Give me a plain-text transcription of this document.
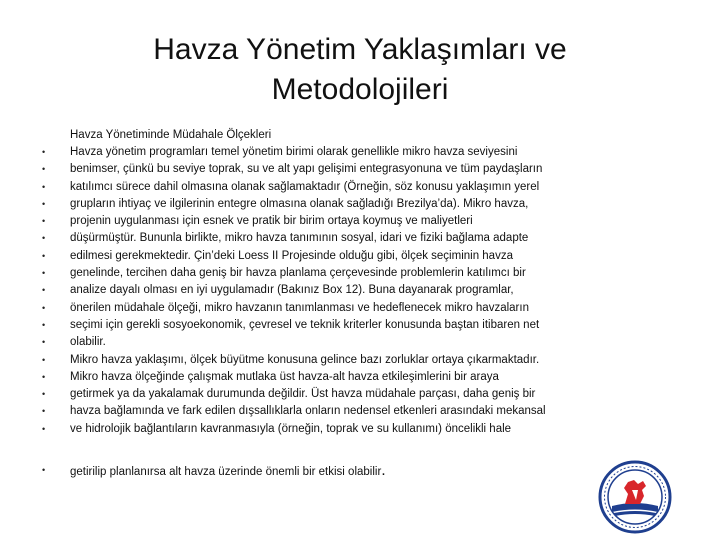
Havza Yönetim Yaklaşımları ve
Metodolojileri
Havza Yönetiminde Müdahale Ölçekleri
• Havza yönetim programları temel yönetim birimi olarak genellikle mikro havza seviyesini
• benimser, çünkü bu seviye toprak, su ve alt yapı gelişimi entegrasyonuna ve tüm paydaşların
• katılımcı sürece dahil olmasına olanak sağlamaktadır (Örneğin, söz konusu yaklaşımın yerel
• grupların ihtiyaç ve ilgilerinin entegre olmasına olanak sağladığı Brezilya’da). Mikro havza,
• projenin uygulanması için esnek ve pratik bir birim ortaya koymuş ve maliyetleri
• düşürmüştür. Bununla birlikte, mikro havza tanımının sosyal, idari ve fiziki bağlama adapte
• edilmesi gerekmektedir. Çin’deki Loess II Projesinde olduğu gibi, ölçek seçiminin havza
• genelinde, tercihen daha geniş bir havza planlama çerçevesinde problemlerin katılımcı bir
• analize dayalı olması en iyi uygulamadır (Bakınız Box 12). Buna dayanarak programlar,
• önerilen müdahale ölçeği, mikro havzanın tanımlanması ve hedeflenecek mikro havzaların
• seçimi için gerekli sosyoekonomik, çevresel ve teknik kriterler konusunda baştan itibaren net
• olabilir.
• Mikro havza yaklaşımı, ölçek büyütme konusuna gelince bazı zorluklar ortaya çıkarmaktadır.
• Mikro havza ölçeğinde çalışmak mutlaka üst havza-alt havza etkileşimlerini bir araya
• getirmek ya da yakalamak durumunda değildir. Üst havza müdahale parçası, daha geniş bir
• havza bağlamında ve fark edilen dışsallıklarla onların nedensel etkenleri arasındaki mekansal
• ve hidrolojik bağlantıların kavranmasıyla (örneğin, toprak ve su kullanımı) öncelikli hale
• getirilip planlanırsa alt havza üzerinde önemli bir etkisi olabilir.
